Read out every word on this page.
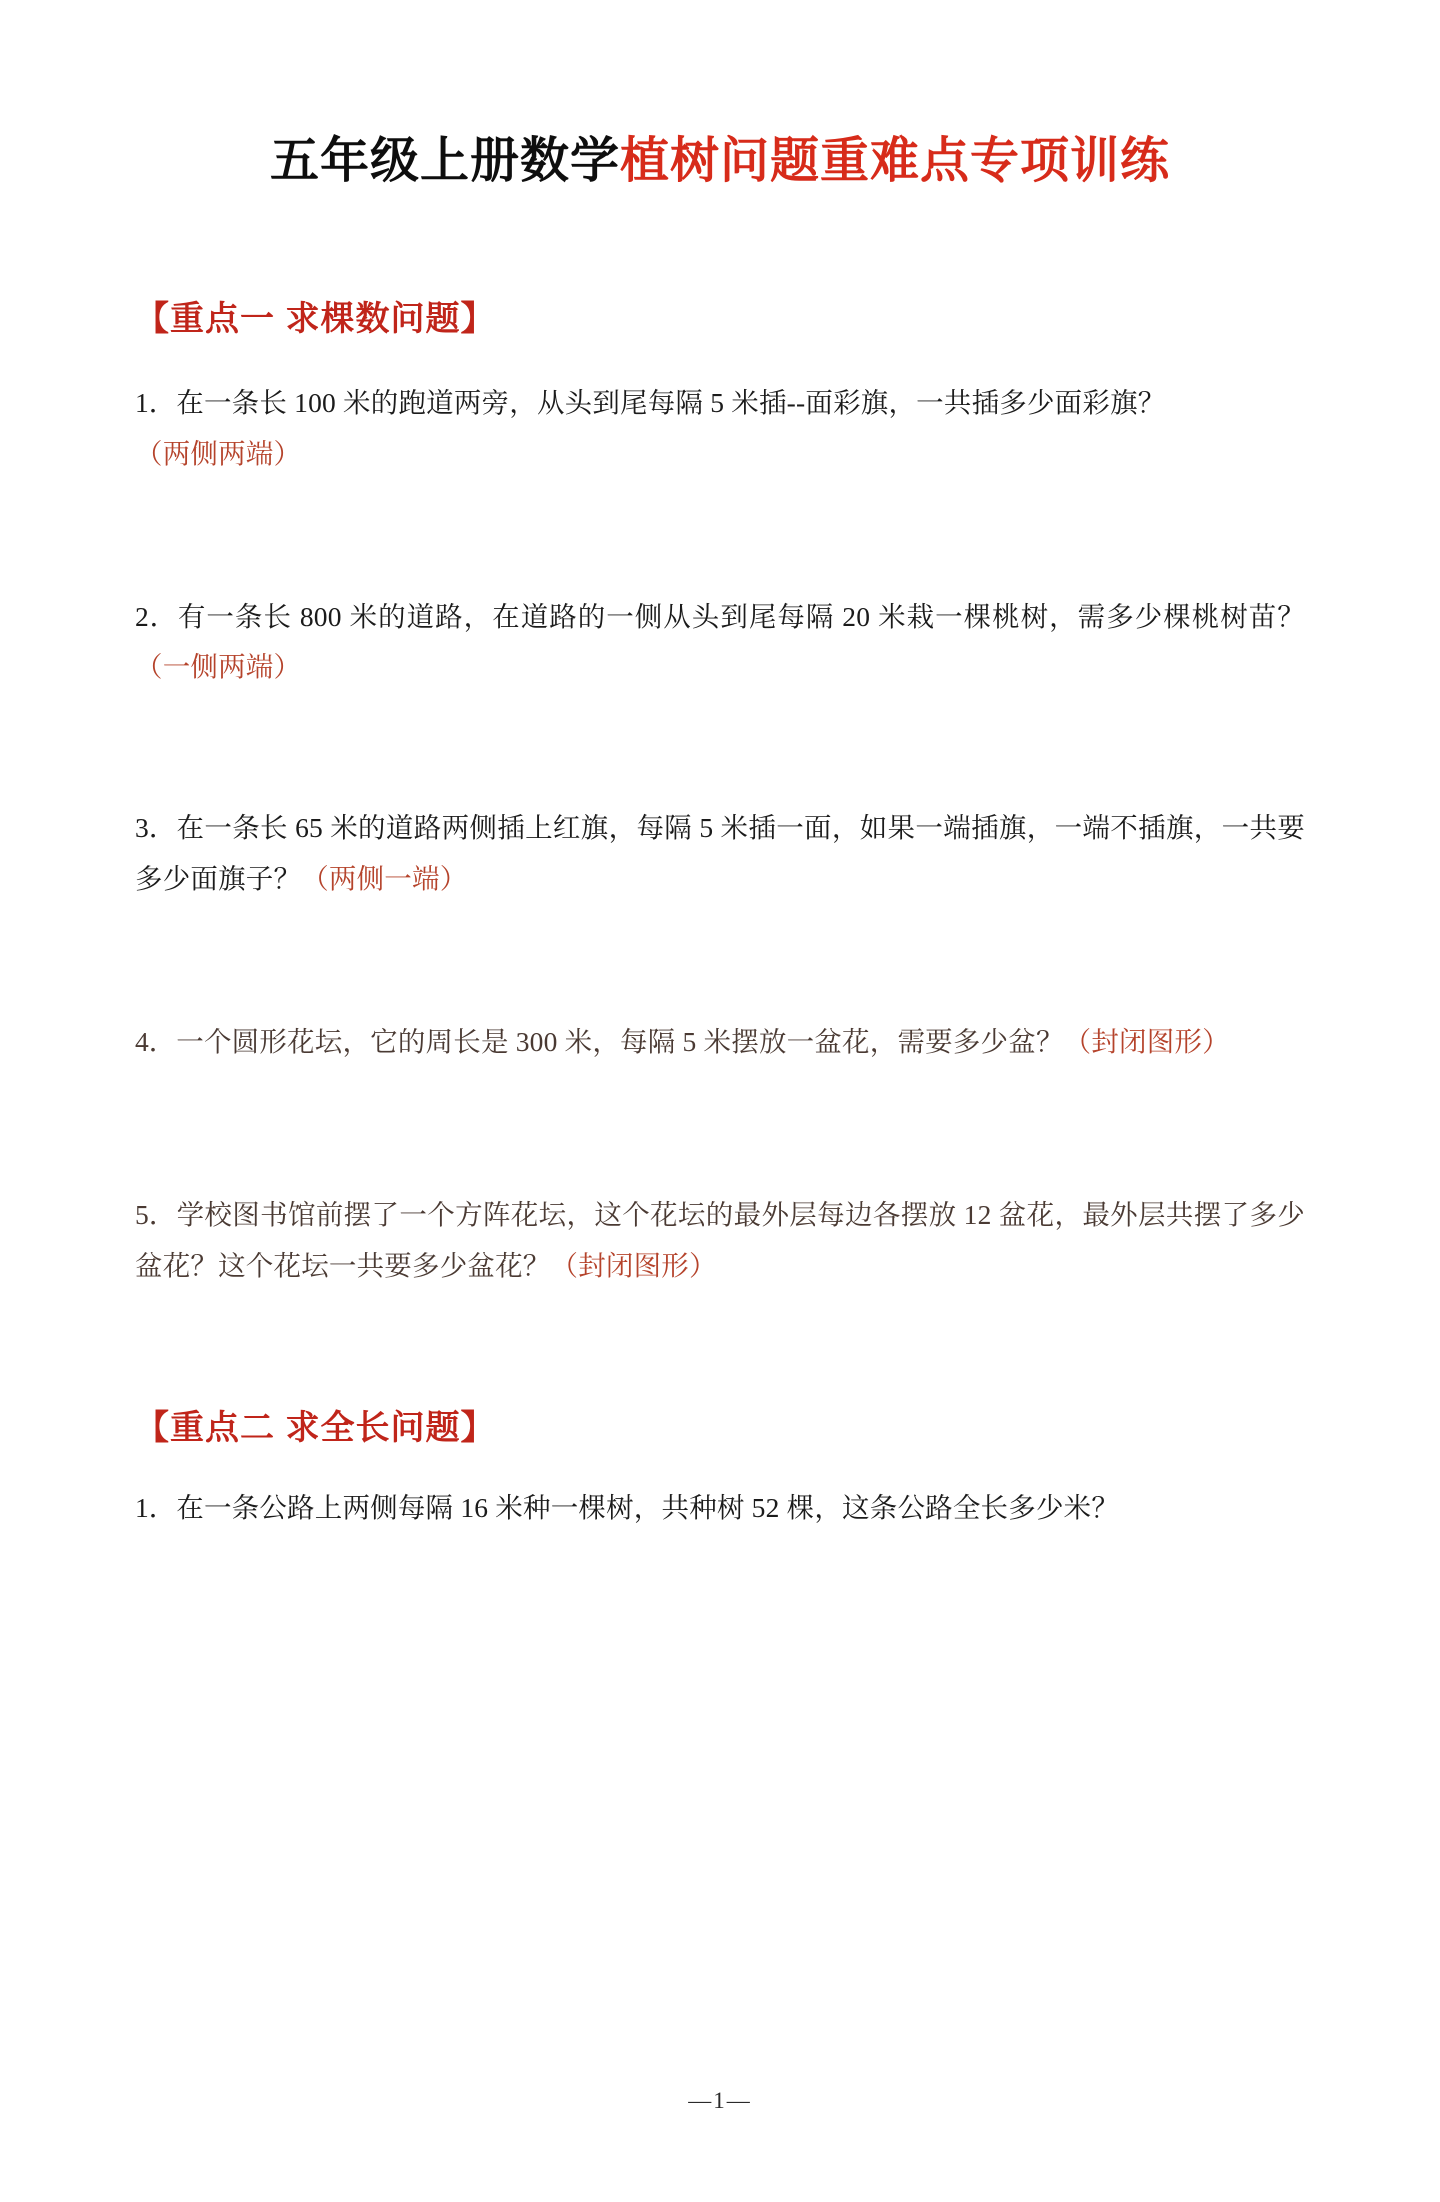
五年级上册数学植树问题重难点专项训练
【重点一 求棵数问题】

1．在一条长 100 米的跑道两旁，从头到尾每隔 5 米插--面彩旗，一共插多少面彩旗？
（两侧两端）

2．有一条长 800 米的道路，在道路的一侧从头到尾每隔 20 米栽一棵桃树，需多少棵桃树苗？（一侧两端）

3．在一条长 65 米的道路两侧插上红旗，每隔 5 米插一面，如果一端插旗，一端不插旗，一共要多少面旗子？（两侧一端）

4．一个圆形花坛，它的周长是 300 米，每隔 5 米摆放一盆花，需要多少盆？（封闭图形）

5．学校图书馆前摆了一个方阵花坛，这个花坛的最外层每边各摆放 12 盆花，最外层共摆了多少盆花？这个花坛一共要多少盆花？（封闭图形）

【重点二 求全长问题】

1．在一条公路上两侧每隔 16 米种一棵树，共种树 52 棵，这条公路全长多少米？

—1—
